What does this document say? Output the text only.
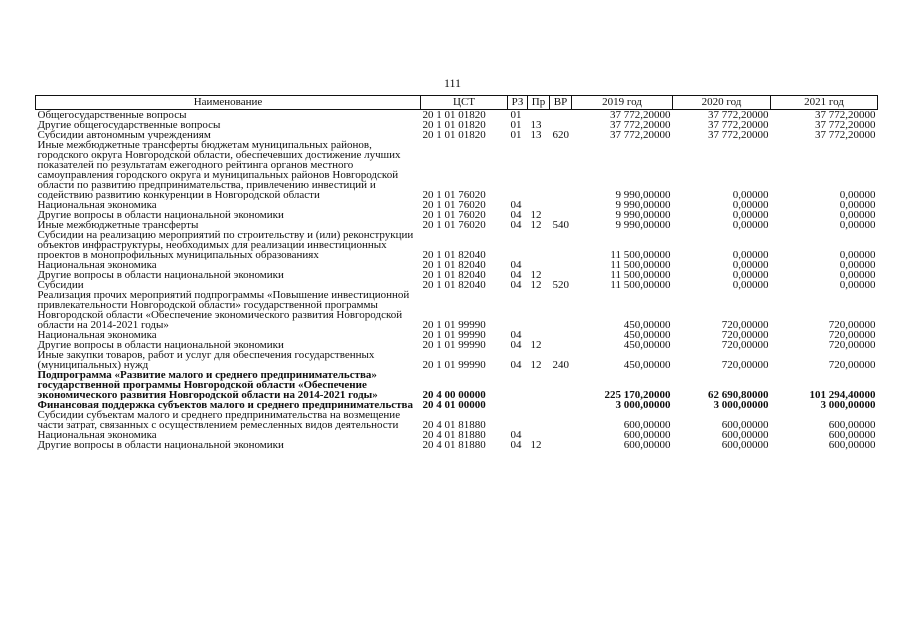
111
Наименование	ЦСТ	РЗ	Пр	ВР	2019 год	2020 год	2021 год
Общегосударственные вопросы	20 1 01 01820	01			37 772,20000	37 772,20000	37 772,20000
Другие общегосударственные вопросы	20 1 01 01820	01	13		37 772,20000	37 772,20000	37 772,20000
Субсидии автономным учреждениям	20 1 01 01820	01	13	620	37 772,20000	37 772,20000	37 772,20000
Иные межбюджетные трансферты бюджетам муниципальных районов, городского округа Новгородской области, обеспечевших достижение лучших показателей по результатам ежегодного рейтинга органов местного самоуправления городского округа и муниципальных районов Новгородской области по развитию предпринимательства, привлечению инвестиций и содействию развитию конкуренции в Новгородской области	20 1 01 76020				9 990,00000	0,00000	0,00000
Национальная экономика	20 1 01 76020	04			9 990,00000	0,00000	0,00000
Другие вопросы в области национальной экономики	20 1 01 76020	04	12		9 990,00000	0,00000	0,00000
Иные межбюджетные трансферты	20 1 01 76020	04	12	540	9 990,00000	0,00000	0,00000
Субсидии на реализацию мероприятий по строительству и (или) реконструкции объектов инфраструктуры, необходимых для реализации инвестиционных проектов в монопрофильных муниципальных образованиях	20 1 01 82040				11 500,00000	0,00000	0,00000
Национальная экономика	20 1 01 82040	04			11 500,00000	0,00000	0,00000
Другие вопросы в области национальной экономики	20 1 01 82040	04	12		11 500,00000	0,00000	0,00000
Субсидии	20 1 01 82040	04	12	520	11 500,00000	0,00000	0,00000
Реализация прочих мероприятий подпрограммы «Повышение инвестиционной привлекательности Новгородской области» государственной программы Новгородской области «Обеспечение экономического развития Новгородской области на 2014-2021 годы»	20 1 01 99990				450,00000	720,00000	720,00000
Национальная экономика	20 1 01 99990	04			450,00000	720,00000	720,00000
Другие вопросы в области национальной экономики	20 1 01 99990	04	12		450,00000	720,00000	720,00000
Иные закупки товаров, работ и услуг для обеспечения государственных (муниципальных) нужд	20 1 01 99990	04	12	240	450,00000	720,00000	720,00000
Подпрограмма «Развитие малого и среднего предпринимательства» государственной программы Новгородской области «Обеспечение экономического развития Новгородской области на 2014-2021 годы»	20 4 00 00000				225 170,20000	62 690,80000	101 294,40000
Финансовая поддержка субъектов малого и среднего предпринимательства	20 4 01 00000				3 000,00000	3 000,00000	3 000,00000
Субсидии субъектам малого и среднего предпринимательства на возмещение части затрат, связанных с осуществлением ремесленных видов деятельности	20 4 01 81880				600,00000	600,00000	600,00000
Национальная экономика	20 4 01 81880	04			600,00000	600,00000	600,00000
Другие вопросы в области национальной экономики	20 4 01 81880	04	12		600,00000	600,00000	600,00000
